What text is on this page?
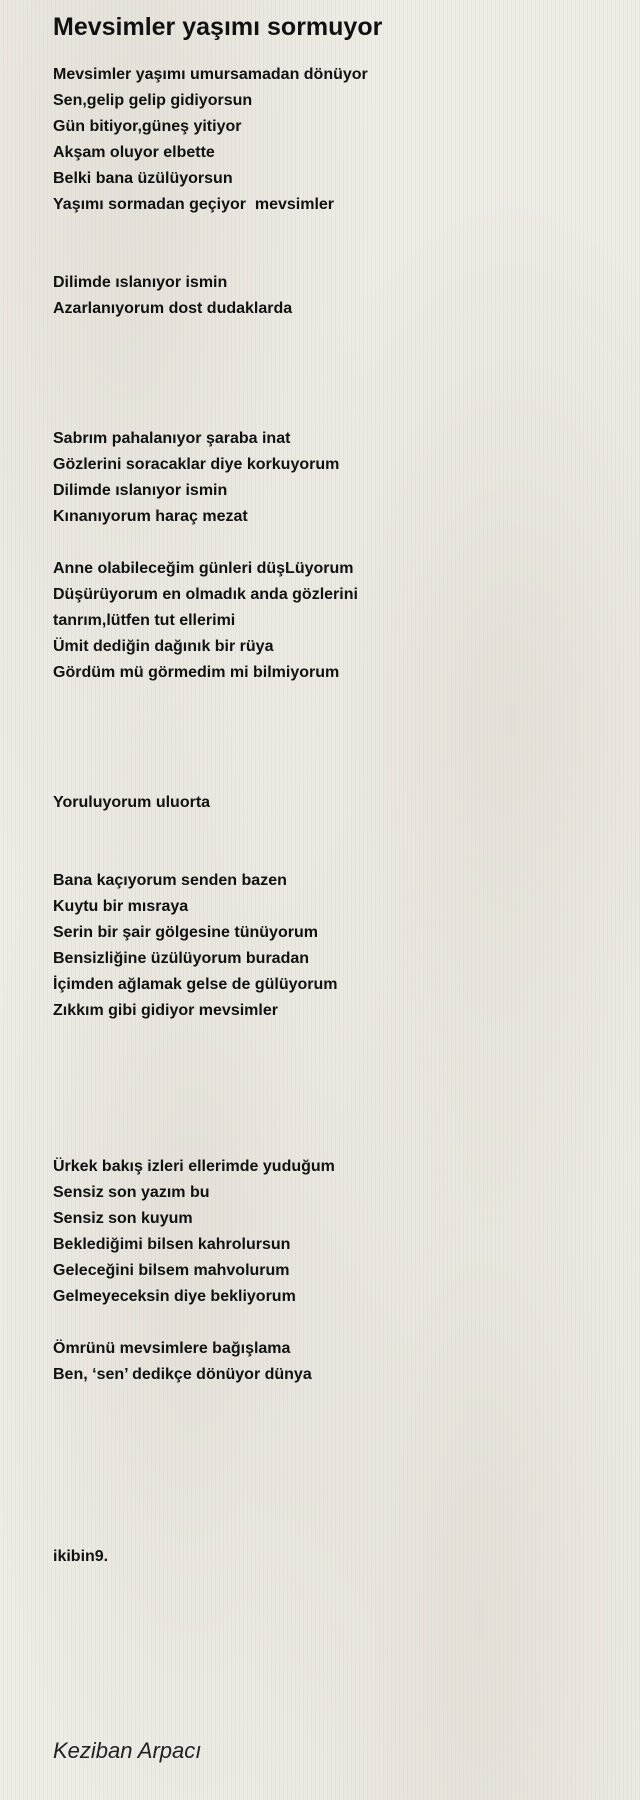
Mevsimler yaşımı sormuyor
Mevsimler yaşımı umursamadan dönüyor
Sen,gelip gelip gidiyorsun
Gün bitiyor,güneş yitiyor
Akşam oluyor elbette
Belki bana üzülüyorsun
Yaşımı sormadan geçiyor  mevsimler
Dilimde ıslanıyor ismin
Azarlanıyorum dost dudaklarda
Sabrım pahalanıyor şaraba inat
Gözlerini soracaklar diye korkuyorum
Dilimde ıslanıyor ismin
Kınanıyorum haraç mezat
Anne olabileceğim günleri düşLüyorum
Düşürüyorum en olmadık anda gözlerini
tanrım,lütfen tut ellerimi
Ümit dediğin dağınık bir rüya
Gördüm mü görmedim mi bilmiyorum
Yoruluyorum uluorta
Bana kaçıyorum senden bazen
Kuytu bir mısraya
Serin bir şair gölgesine tünüyorum
Bensizliğine üzülüyorum buradan
İçimden ağlamak gelse de gülüyorum
Zıkkım gibi gidiyor mevsimler
Ürkek bakış izleri ellerimde yuduğum
Sensiz son yazım bu
Sensiz son kuyum
Beklediğimi bilsen kahrolursun
Geleceğini bilsem mahvolurum
Gelmeyeceksin diye bekliyorum
Ömrünü mevsimlere bağışlama
Ben, ‘sen’ dedikçe dönüyor dünya
ikibin9.
Keziban Arpacı
